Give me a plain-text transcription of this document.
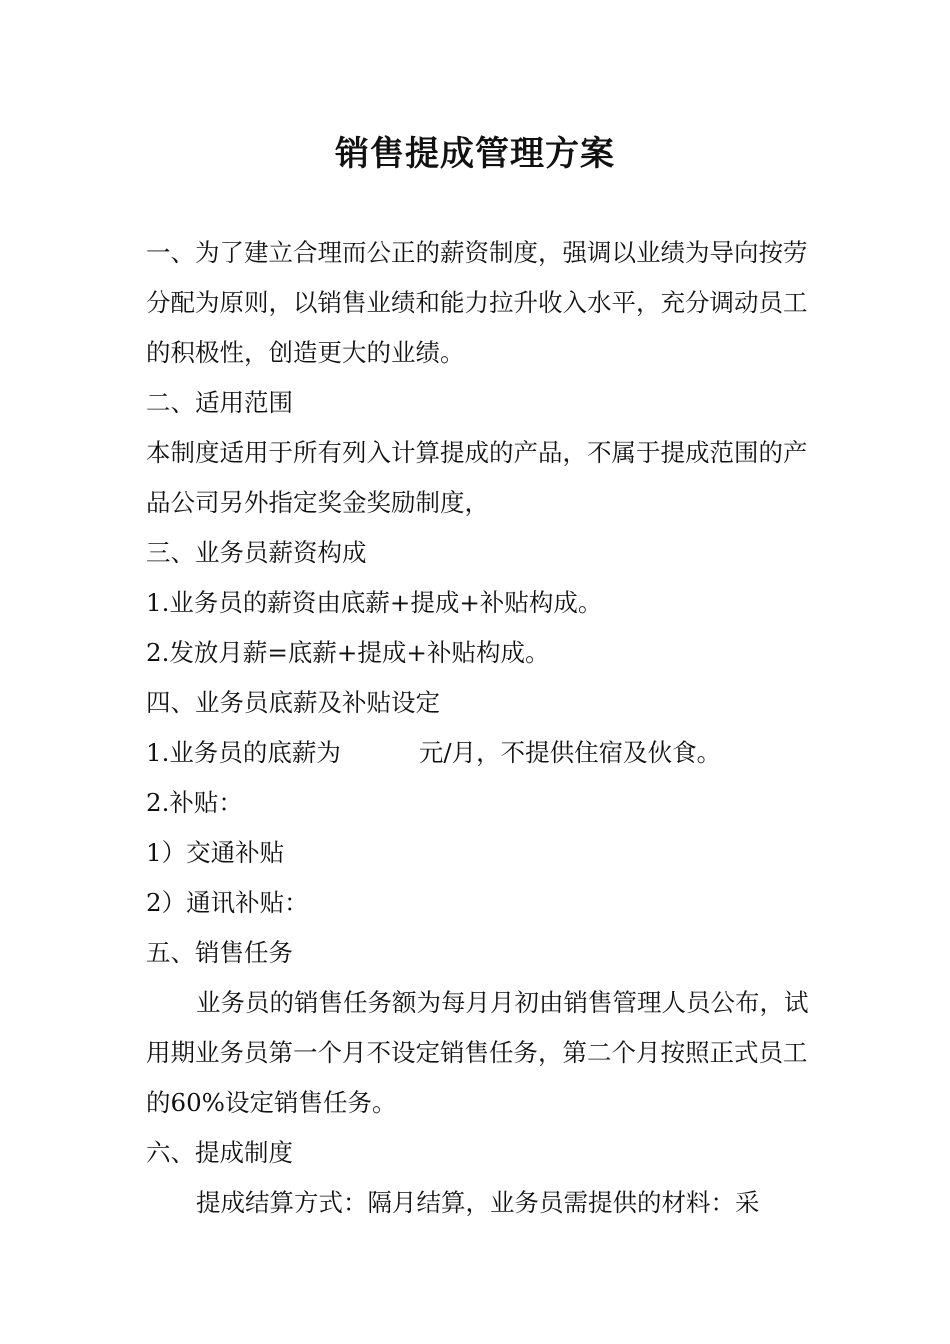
销售提成管理方案

一、为了建立合理而公正的薪资制度，强调以业绩为导向按劳分配为原则，以销售业绩和能力拉升收入水平，充分调动员工的积极性，创造更大的业绩。

二、适用范围

本制度适用于所有列入计算提成的产品，不属于提成范围的产品公司另外指定奖金奖励制度，

三、业务员薪资构成

1.业务员的薪资由底薪+提成+补贴构成。

2.发放月薪=底薪+提成+补贴构成。

四、业务员底薪及补贴设定

1.业务员的底薪为	元/月，不提供住宿及伙食。

2.补贴：

1）交通补贴

2）通讯补贴：

五、销售任务

业务员的销售任务额为每月月初由销售管理人员公布，试用期业务员第一个月不设定销售任务，第二个月按照正式员工的60%设定销售任务。

六、提成制度

提成结算方式：隔月结算，业务员需提供的材料：采
